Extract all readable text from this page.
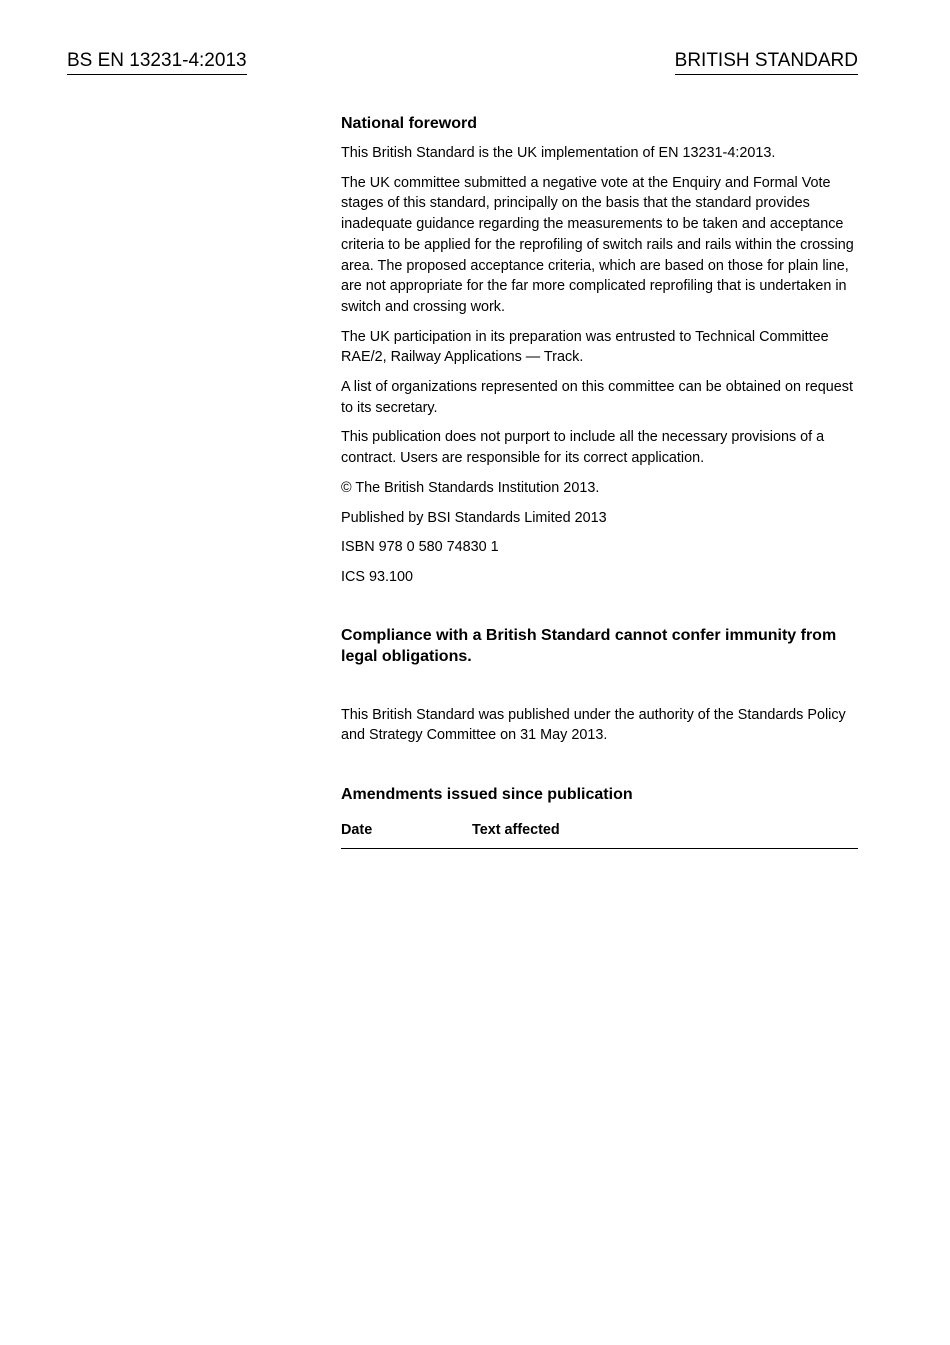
BS EN 13231-4:2013	BRITISH STANDARD
National foreword

This British Standard is the UK implementation of EN 13231-4:2013.

The UK committee submitted a negative vote at the Enquiry and Formal Vote stages of this standard, principally on the basis that the standard provides inadequate guidance regarding the measurements to be taken and acceptance criteria to be applied for the reprofiling of switch rails and rails within the crossing area. The proposed acceptance criteria, which are based on those for plain line, are not appropriate for the far more complicated reprofiling that is undertaken in switch and crossing work.

The UK participation in its preparation was entrusted to Technical Committee RAE/2, Railway Applications — Track.

A list of organizations represented on this committee can be obtained on request to its secretary.

This publication does not purport to include all the necessary provisions of a contract. Users are responsible for its correct application.

© The British Standards Institution 2013.

Published by BSI Standards Limited 2013

ISBN 978 0 580 74830 1

ICS 93.100

Compliance with a British Standard cannot confer immunity from legal obligations.

This British Standard was published under the authority of the Standards Policy and Strategy Committee on 31 May 2013.

Amendments issued since publication
Date	Text affected
